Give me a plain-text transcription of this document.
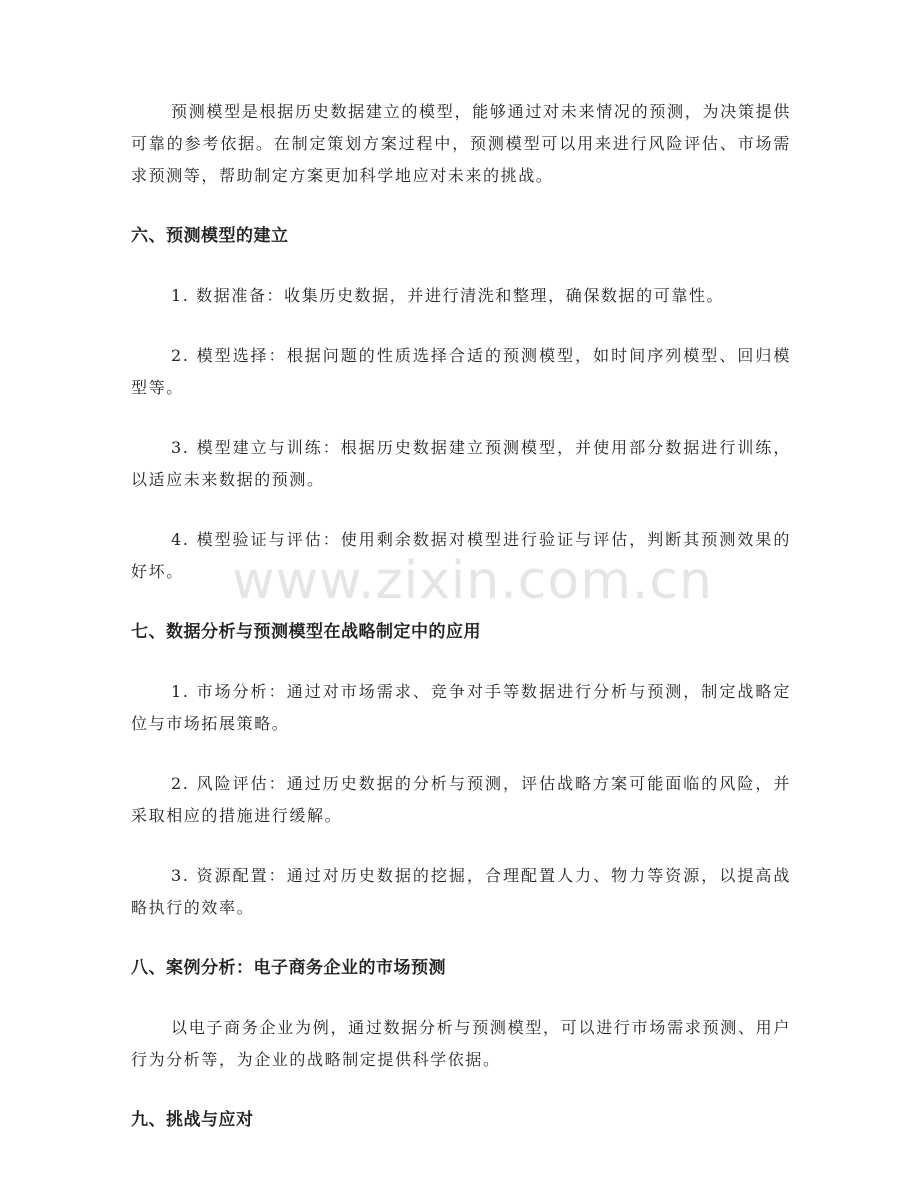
预测模型是根据历史数据建立的模型，能够通过对未来情况的预测，为决策提供可靠的参考依据。在制定策划方案过程中，预测模型可以用来进行风险评估、市场需求预测等，帮助制定方案更加科学地应对未来的挑战。

六、预测模型的建立

1. 数据准备：收集历史数据，并进行清洗和整理，确保数据的可靠性。

2. 模型选择：根据问题的性质选择合适的预测模型，如时间序列模型、回归模型等。

3. 模型建立与训练：根据历史数据建立预测模型，并使用部分数据进行训练，以适应未来数据的预测。

4. 模型验证与评估：使用剩余数据对模型进行验证与评估，判断其预测效果的好坏。

七、数据分析与预测模型在战略制定中的应用

1. 市场分析：通过对市场需求、竞争对手等数据进行分析与预测，制定战略定位与市场拓展策略。

2. 风险评估：通过历史数据的分析与预测，评估战略方案可能面临的风险，并采取相应的措施进行缓解。

3. 资源配置：通过对历史数据的挖掘，合理配置人力、物力等资源，以提高战略执行的效率。

八、案例分析：电子商务企业的市场预测

以电子商务企业为例，通过数据分析与预测模型，可以进行市场需求预测、用户行为分析等，为企业的战略制定提供科学依据。

九、挑战与应对
www.zixin.com.cn
